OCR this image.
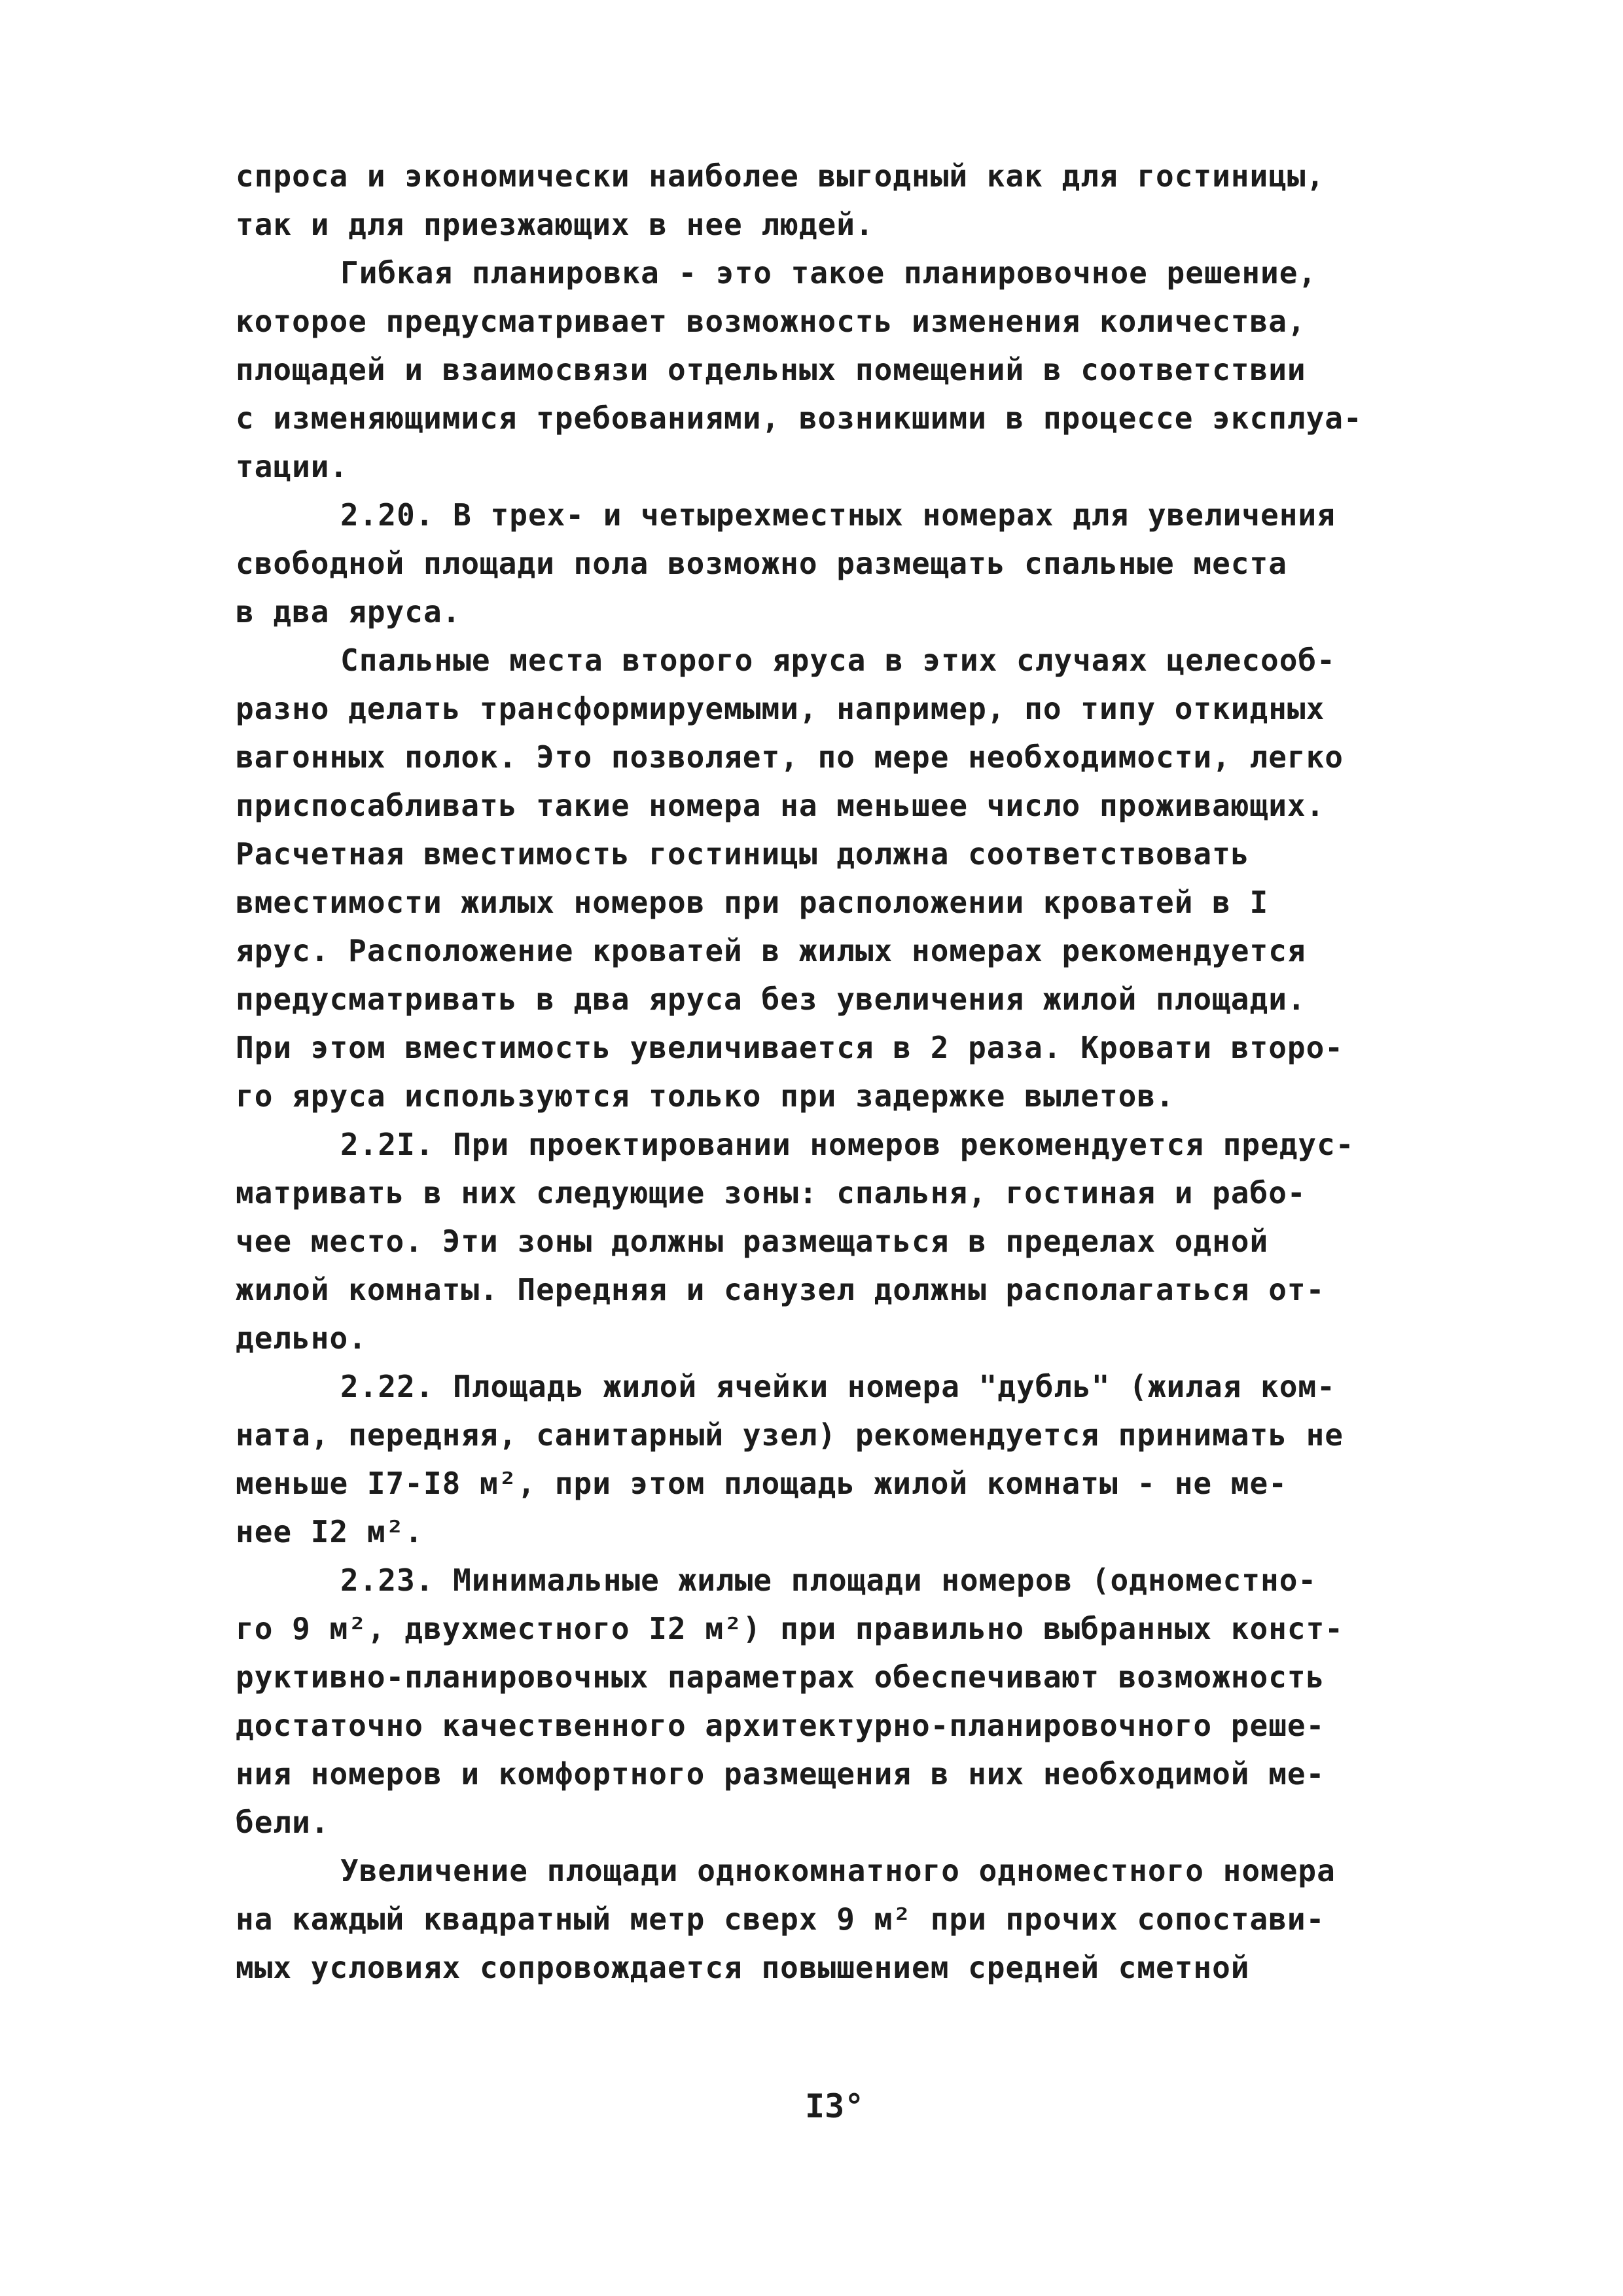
спроса и экономически наиболее выгодный как для гостиницы,
так и для приезжающих в нее людей.
Гибкая планировка - это такое планировочное решение,
которое предусматривает возможность изменения количества,
площадей и взаимосвязи отдельных помещений в соответствии
с изменяющимися требованиями, возникшими в процессе эксплуа-
тации.
2.20. В трех- и четырехместных номерах для увеличения
свободной площади пола возможно размещать спальные места
в два яруса.
Спальные места второго яруса в этих случаях целесооб-
разно делать трансформируемыми, например, по типу откидных
вагонных полок. Это позволяет, по мере необходимости, легко
приспосабливать такие номера на меньшее число проживающих.
Расчетная вместимость гостиницы должна соответствовать
вместимости жилых номеров при расположении кроватей в I
ярус. Расположение кроватей в жилых номерах рекомендуется
предусматривать в два яруса без увеличения жилой площади.
При этом вместимость увеличивается в 2 раза. Кровати второ-
го яруса используются только при задержке вылетов.
2.2I. При проектировании номеров рекомендуется предус-
матривать в них следующие зоны: спальня, гостиная и рабо-
чее место. Эти зоны должны размещаться в пределах одной
жилой комнаты. Передняя и санузел должны располагаться от-
дельно.
2.22. Площадь жилой ячейки номера "дубль" (жилая ком-
ната, передняя, санитарный узел) рекомендуется принимать не
меньше I7-I8 м², при этом площадь жилой комнаты - не ме-
нее I2 м².
2.23. Минимальные жилые площади номеров (одноместно-
го 9 м², двухместного I2 м²) при правильно выбранных конст-
руктивно-планировочных параметрах обеспечивают возможность
достаточно качественного архитектурно-планировочного реше-
ния номеров и комфортного размещения в них необходимой ме-
бели.
Увеличение площади однокомнатного одноместного номера
на каждый квадратный метр сверх 9 м² при прочих сопостави-
мых условиях сопровождается повышением средней сметной
I3°
